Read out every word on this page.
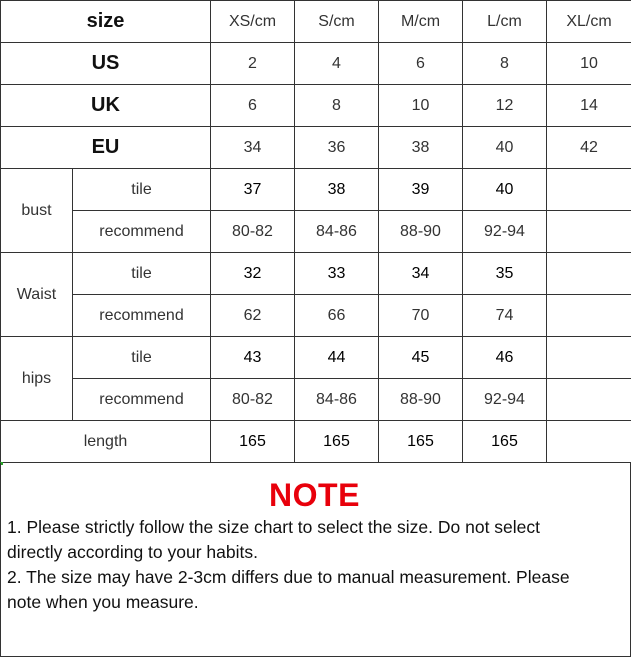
size		XS/cm	S/cm	M/cm	L/cm	XL/cm
US		2	4	6	8	10
UK		6	8	10	12	14
EU		34	36	38	40	42
bust	tile	37	38	39	40	
	recommend	80-82	84-86	88-90	92-94	
Waist	tile	32	33	34	35	
	recommend	62	66	70	74	
hips	tile	43	44	45	46	
	recommend	80-82	84-86	88-90	92-94	
length		165	165	165	165	
NOTE
1. Please strictly follow the size chart to select the size. Do not select
directly according to your habits.
2. The size may have 2-3cm differs due to manual measurement. Please
note when you measure.
